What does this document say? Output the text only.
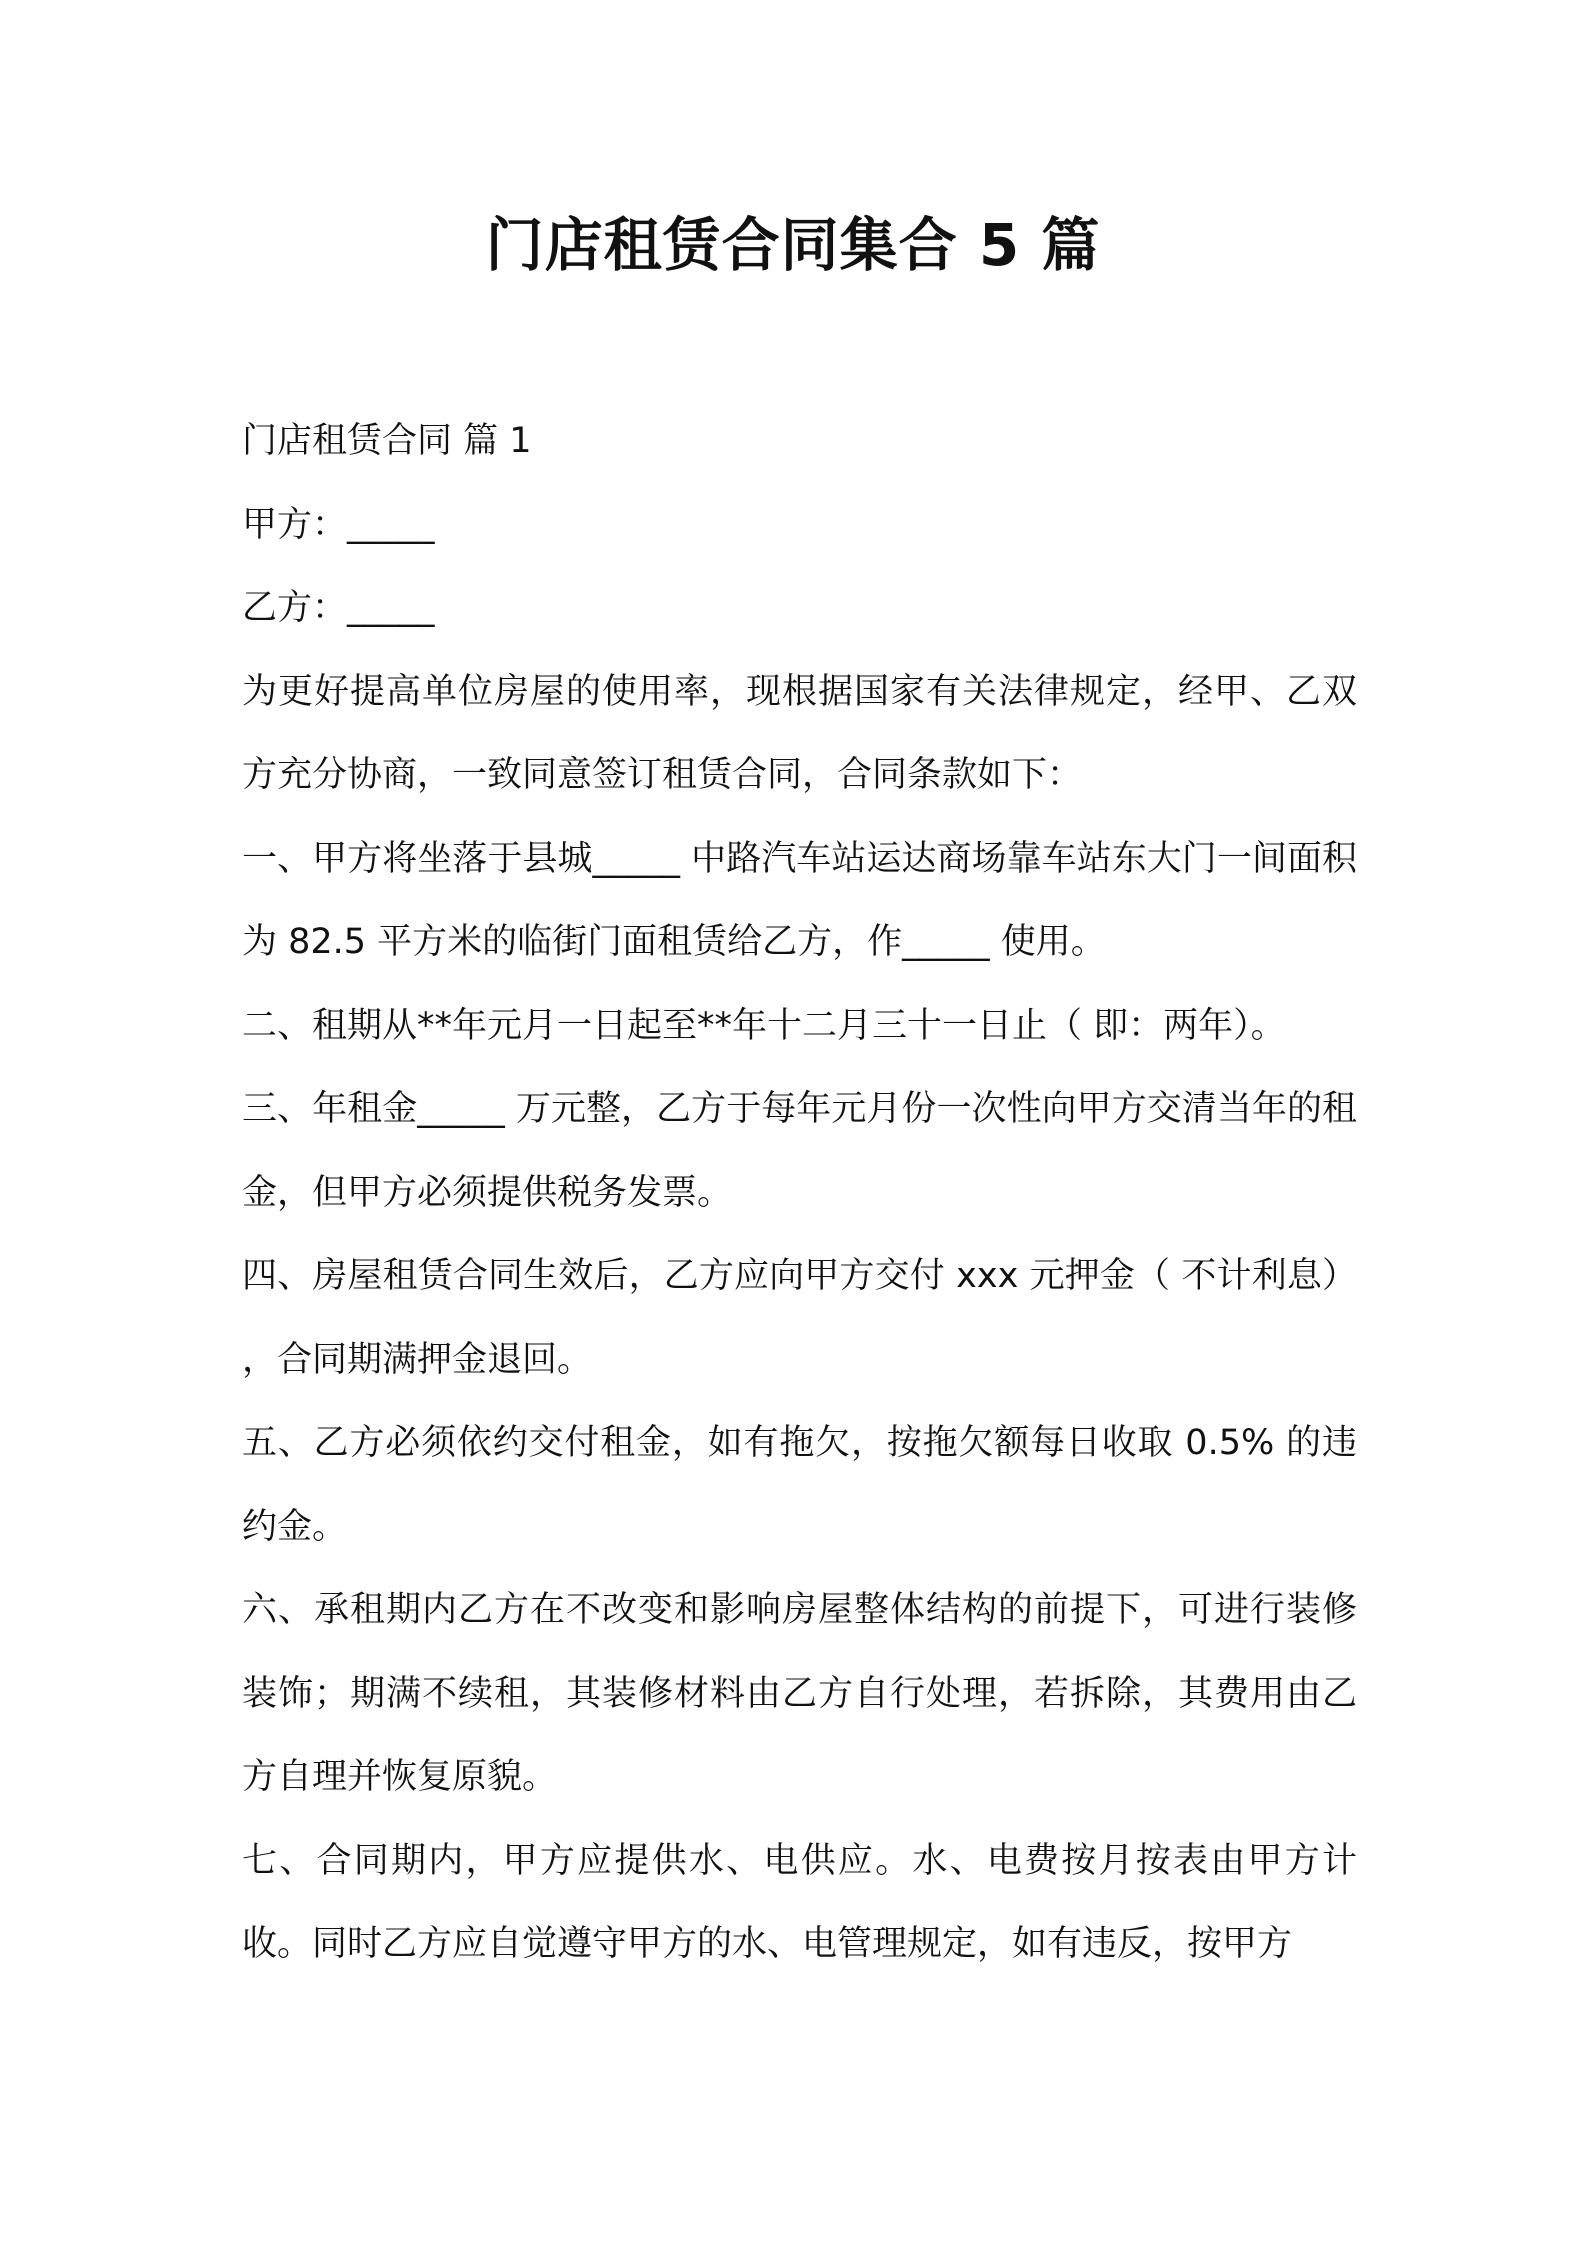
门店租赁合同集合 5 篇

门店租赁合同 篇 1

甲方：_____

乙方：_____

为更好提高单位房屋的使用率，现根据国家有关法律规定，经甲、乙双方充分协商，一致同意签订租赁合同，合同条款如下：

一、甲方将坐落于县城_____ 中路汽车站运达商场靠车站东大门一间面积为 82.5 平方米的临街门面租赁给乙方，作_____ 使用。

二、租期从**年元月一日起至**年十二月三十一日止（ 即：两年）。

三、年租金_____ 万元整，乙方于每年元月份一次性向甲方交清当年的租金，但甲方必须提供税务发票。

四、房屋租赁合同生效后，乙方应向甲方交付 xxx 元押金（ 不计利息） ，合同期满押金退回。

五、乙方必须依约交付租金，如有拖欠，按拖欠额每日收取 0.5% 的违约金。

六、承租期内乙方在不改变和影响房屋整体结构的前提下，可进行装修装饰；期满不续租，其装修材料由乙方自行处理，若拆除，其费用由乙方自理并恢复原貌。

七、合同期内，甲方应提供水、电供应。水、电费按月按表由甲方计收。同时乙方应自觉遵守甲方的水、电管理规定，如有违反，按甲方
